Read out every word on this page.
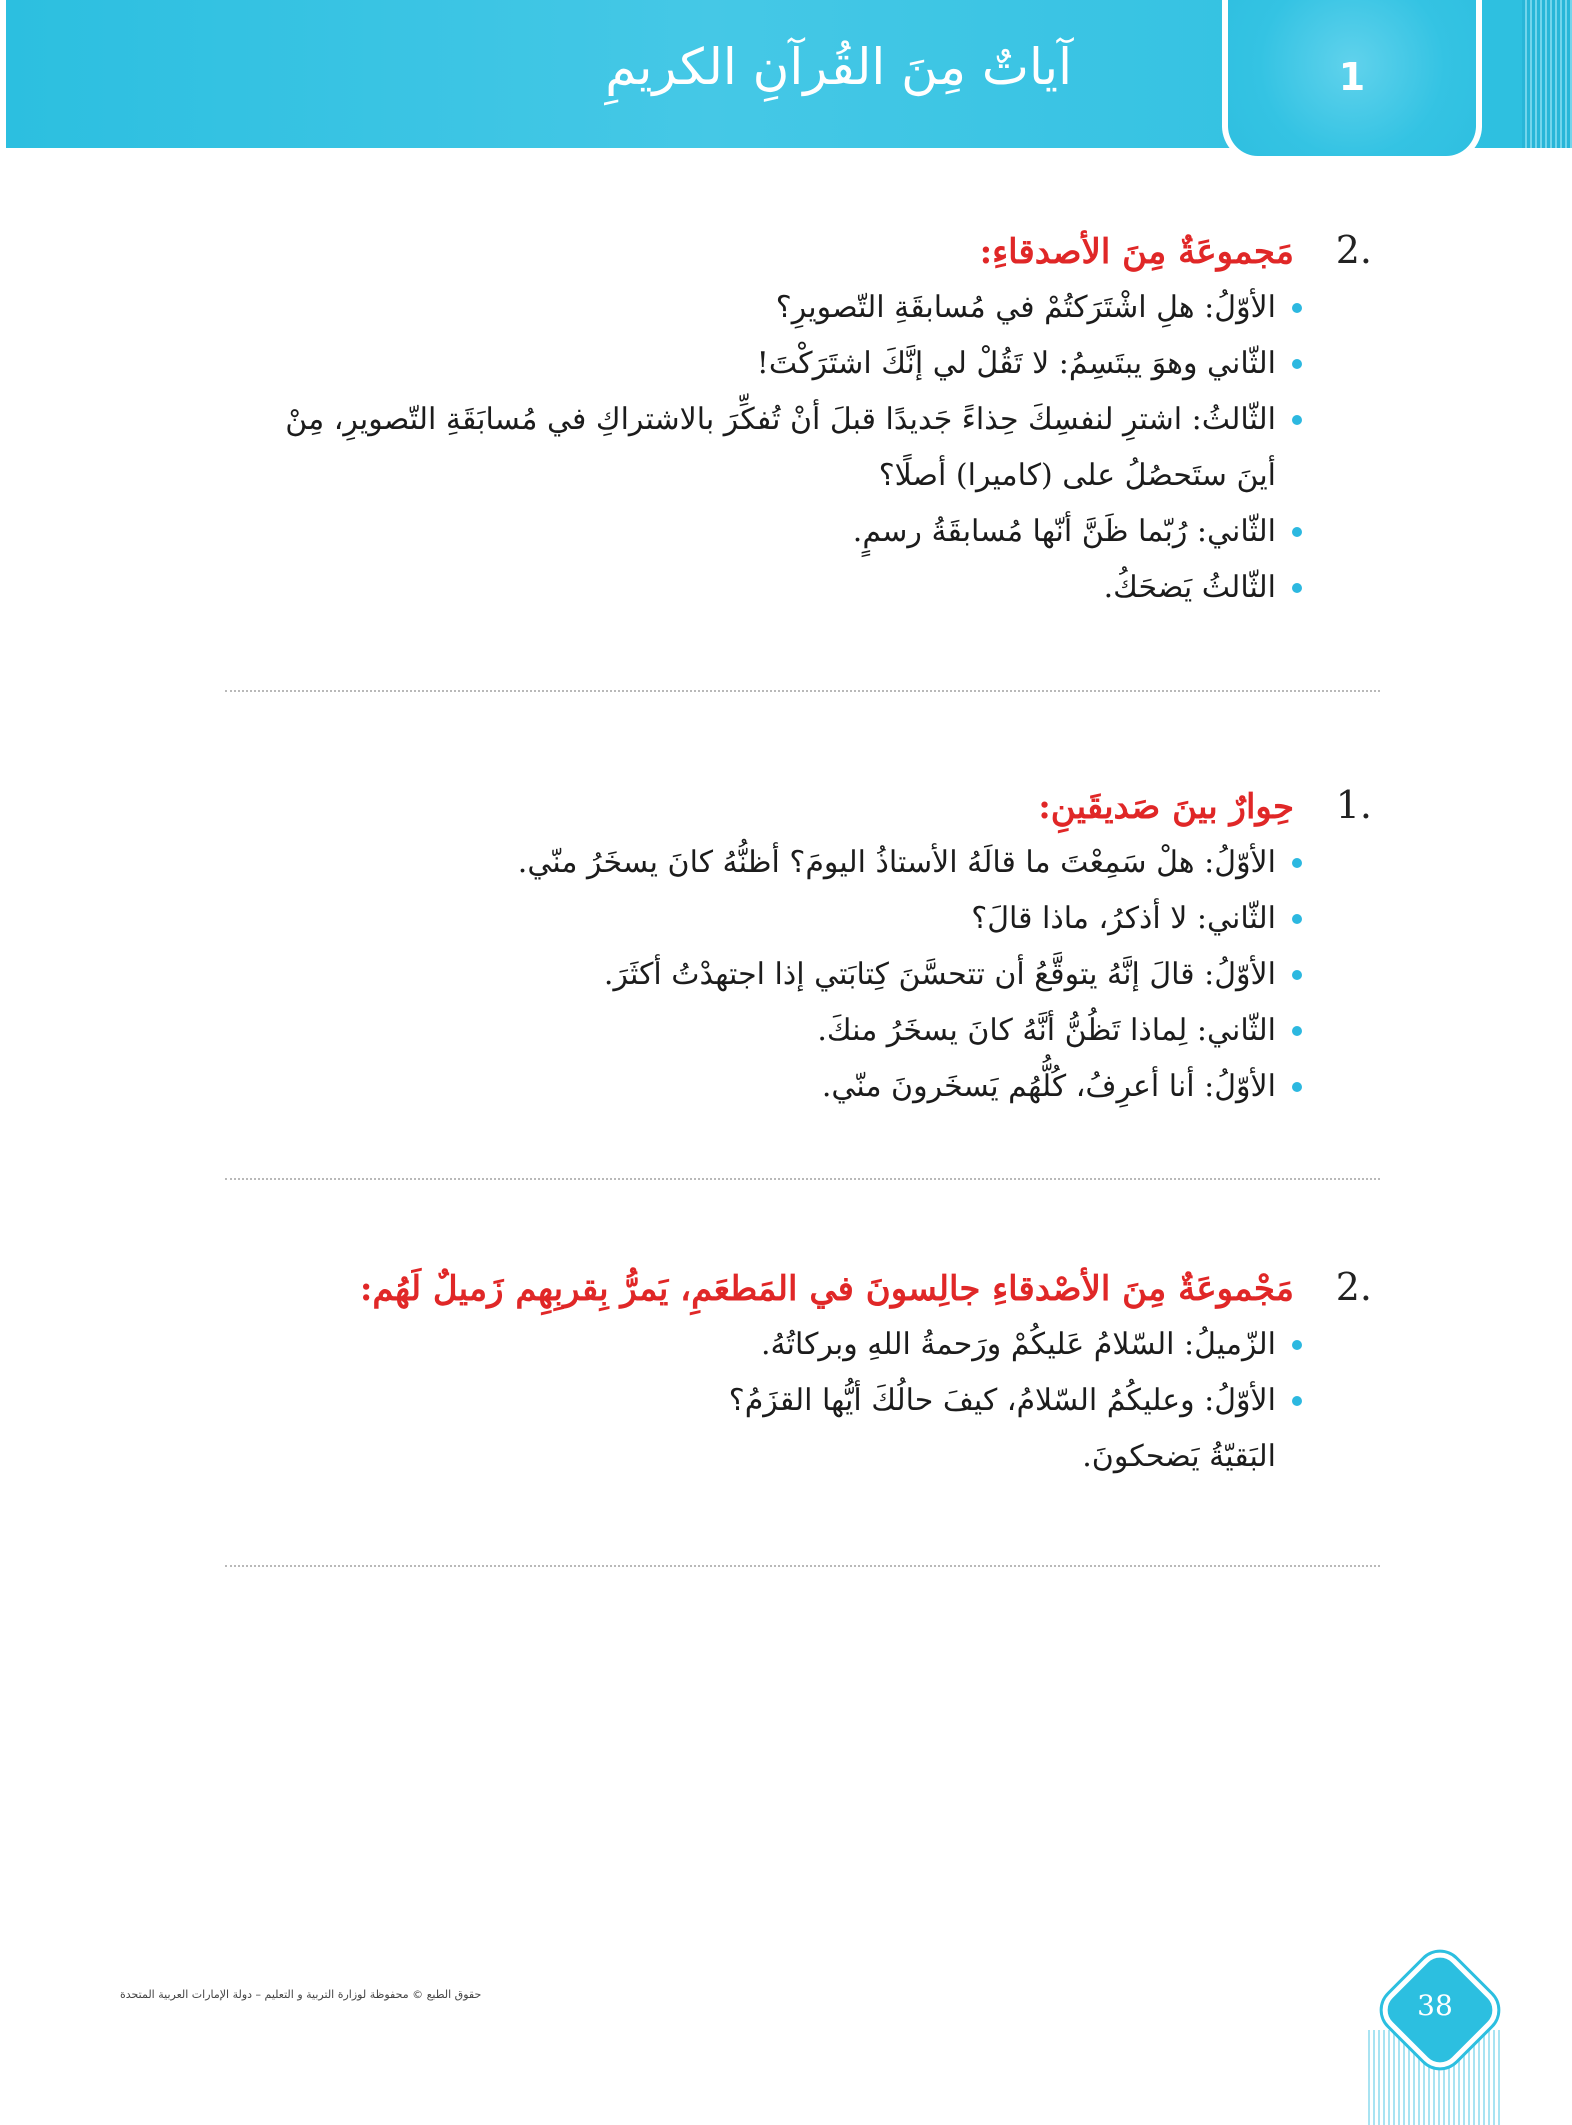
آياتٌ مِنَ القُرآنِ الكريمِ	1
2.
مَجموعَةٌ مِنَ الأصدقاءِ:
الأوّلُ: هلِ اشْتَرَكتُمْ في مُسابقَةِ التّصويرِ؟
الثّاني وهوَ يبتَسِمُ: لا تَقُلْ لي إنَّكَ اشتَرَكْتَ!
الثّالثُ: اشترِ لنفسِكَ حِذاءً جَديدًا قبلَ أنْ تُفكِّرَ بالاشتراكِ في مُسابَقَةِ التّصويرِ، مِنْ
أينَ ستَحصُلُ على (كاميرا) أصلًا؟
الثّاني: رُبّما ظَنَّ أنّها مُسابقَةُ رسمٍ.
الثّالثُ يَضحَكُ.
1.
حِوارٌ بينَ صَديقَينِ:
الأوّلُ: هلْ سَمِعْتَ ما قالَهُ الأستاذُ اليومَ؟ أظنُّهُ كانَ يسخَرُ منّي.
الثّاني: لا أذكرُ، ماذا قالَ؟
الأوّلُ: قالَ إنَّهُ يتوقَّعُ أن تتحسَّنَ كِتابَتي إذا اجتهدْتُ أكثَرَ.
الثّاني: لِماذا تَظُنُّ أنَّهُ كانَ يسخَرُ منكَ.
الأوّلُ: أنا أعرِفُ، كُلُّهُم يَسخَرونَ منّي.
2.
مَجْموعَةٌ مِنَ الأصْدقاءِ جالِسونَ في المَطعَمِ، يَمرُّ بِقربِهِم زَميلٌ لَهُم:
الزّميلُ: السّلامُ عَليكُمْ ورَحمةُ اللهِ وبركاتُهُ.
الأوّلُ: وعليكُمُ السّلامُ، كيفَ حالُكَ أيُّها القزَمُ؟
البَقيّةُ يَضحكونَ.
حقوق الطبع © محفوظة لوزارة التربية و التعليم – دولة الإمارات العربية المتحدة	38
